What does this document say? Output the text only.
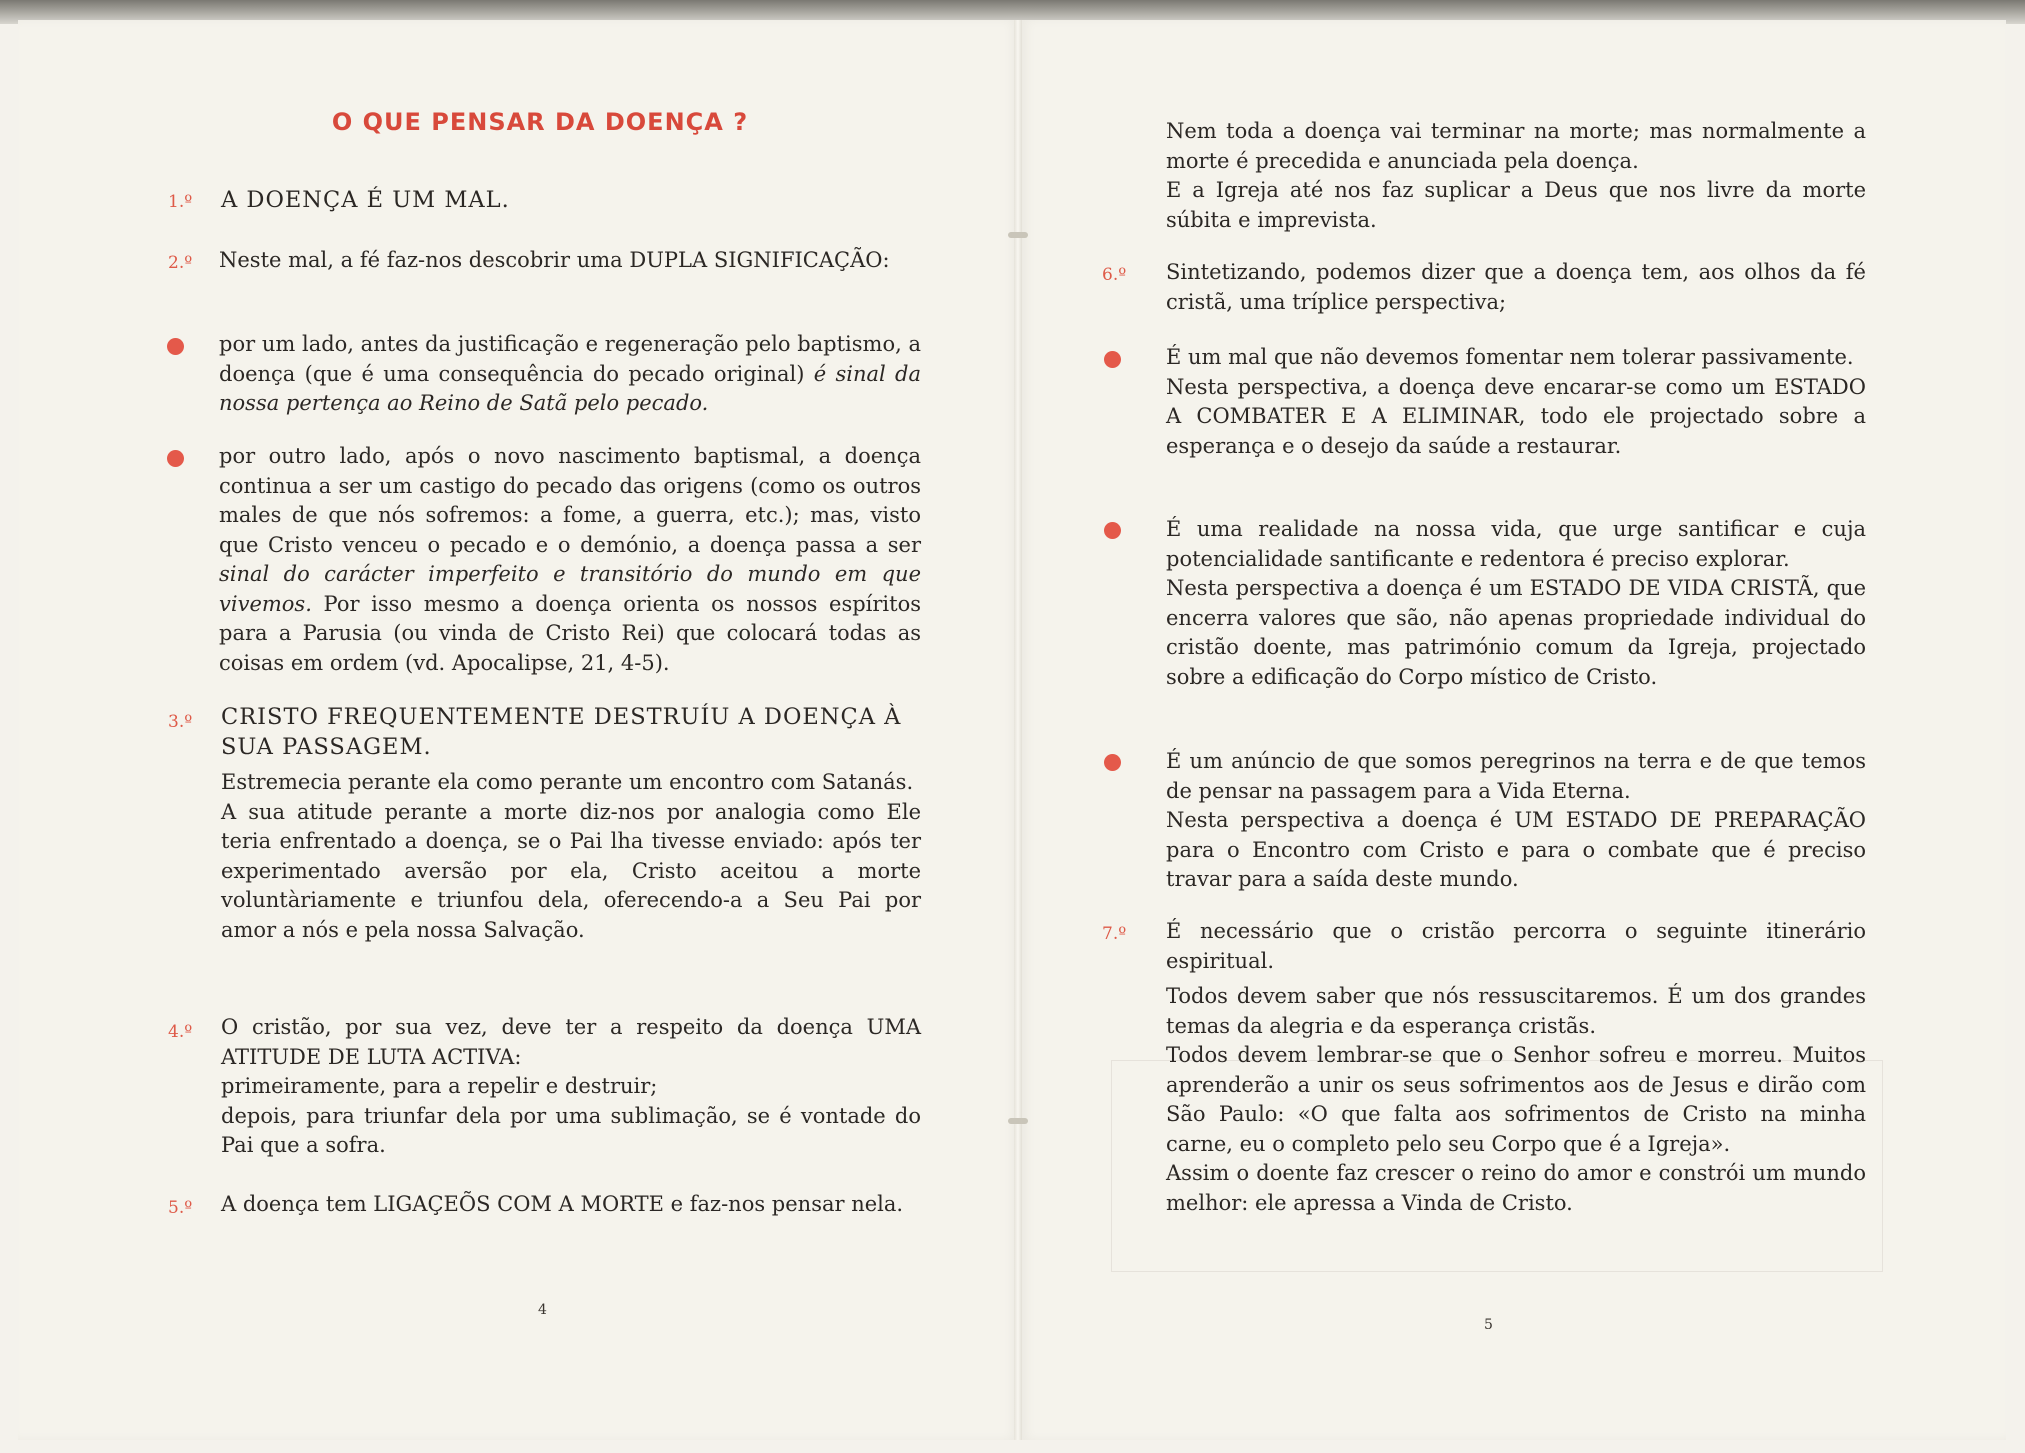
O QUE PENSAR DA DOENÇA ?
1.º A DOENÇA É UM MAL.
2.º Neste mal, a fé faz-nos descobrir uma DUPLA SIGNIFICAÇÃO:
por um lado, antes da justificação e regeneração pelo baptismo, a doença (que é uma consequência do pecado original) é sinal da nossa pertença ao Reino de Satã pelo pecado.
por outro lado, após o novo nascimento baptismal, a doença continua a ser um castigo do pecado das origens (como os outros males de que nós sofremos: a fome, a guerra, etc.); mas, visto que Cristo venceu o pecado e o demónio, a doença passa a ser sinal do carácter imperfeito e transitório do mundo em que vivemos. Por isso mesmo a doença orienta os nossos espíritos para a Parusia (ou vinda de Cristo Rei) que colocará todas as coisas em ordem (vd. Apocalipse, 21, 4-5).
3.º CRISTO FREQUENTEMENTE DESTRUÍU A DOENÇA À SUA PASSAGEM.

Estremecia perante ela como perante um encontro com Satanás.

A sua atitude perante a morte diz-nos por analogia como Ele teria enfrentado a doença, se o Pai lha tivesse enviado: após ter experimentado aversão por ela, Cristo aceitou a morte voluntàriamente e triunfou dela, oferecendo-a a Seu Pai por amor a nós e pela nossa Salvação.

4.º O cristão, por sua vez, deve ter a respeito da doença UMA ATITUDE DE LUTA ACTIVA:

primeiramente, para a repelir e destruir;

depois, para triunfar dela por uma sublimação, se é vontade do Pai que a sofra.

5.º A doença tem LIGAÇEÕS COM A MORTE e faz-nos pensar nela.
4

Nem toda a doença vai terminar na morte; mas normalmente a morte é precedida e anunciada pela doença.

E a Igreja até nos faz suplicar a Deus que nos livre da morte súbita e imprevista.

6.º Sintetizando, podemos dizer que a doença tem, aos olhos da fé cristã, uma tríplice perspectiva;

É um mal que não devemos fomentar nem tolerar passivamente.

Nesta perspectiva, a doença deve encarar-se como um ESTADO A COMBATER E A ELIMINAR, todo ele projectado sobre a esperança e o desejo da saúde a restaurar.

É uma realidade na nossa vida, que urge santificar e cuja potencialidade santificante e redentora é preciso explorar.

Nesta perspectiva a doença é um ESTADO DE VIDA CRISTÃ, que encerra valores que são, não apenas propriedade individual do cristão doente, mas património comum da Igreja, projectado sobre a edificação do Corpo místico de Cristo.

É um anúncio de que somos peregrinos na terra e de que temos de pensar na passagem para a Vida Eterna.

Nesta perspectiva a doença é UM ESTADO DE PREPARAÇÃO para o Encontro com Cristo e para o combate que é preciso travar para a saída deste mundo.

7.º É necessário que o cristão percorra o seguinte itinerário espiritual.

Todos devem saber que nós ressuscitaremos. É um dos grandes temas da alegria e da esperança cristãs.

Todos devem lembrar-se que o Senhor sofreu e morreu. Muitos aprenderão a unir os seus sofrimentos aos de Jesus e dirão com São Paulo: «O que falta aos sofrimentos de Cristo na minha carne, eu o completo pelo seu Corpo que é a Igreja».

Assim o doente faz crescer o reino do amor e constrói um mundo melhor: ele apressa a Vinda de Cristo.

5
